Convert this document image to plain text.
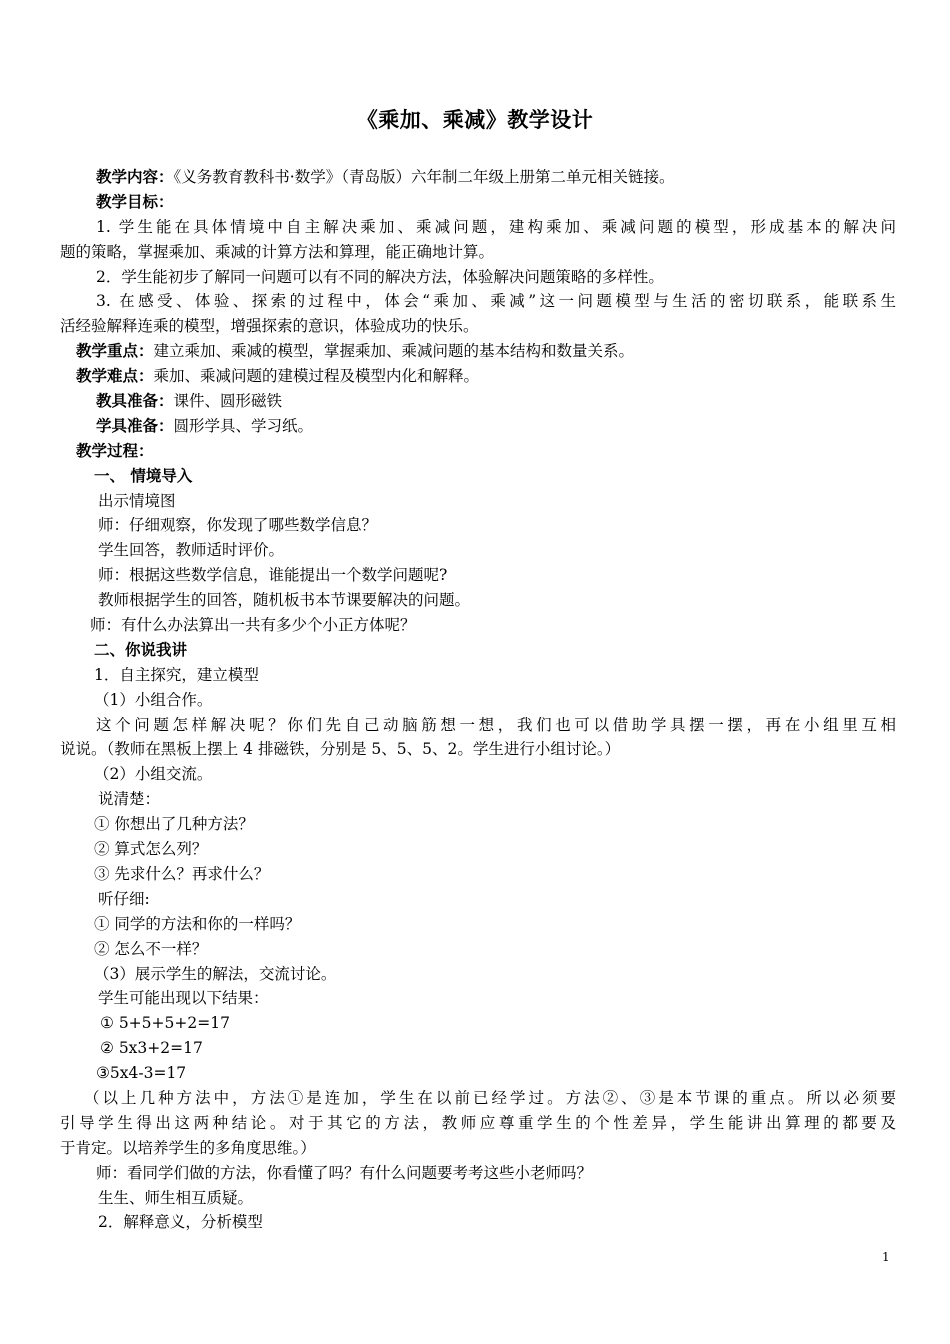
《乘加、乘减》教学设计
教学内容：《义务教育教科书·数学》（青岛版）六年制二年级上册第二单元相关链接。
教学目标：
1. 学生能在具体情境中自主解决乘加、乘减问题，建构乘加、乘减问题的模型，形成基本的解决问
题的策略，掌握乘加、乘减的计算方法和算理，能正确地计算。
2．学生能初步了解同一问题可以有不同的解决方法，体验解决问题策略的多样性。
3. 在感受、体验、探索的过程中，体会“乘加、乘减”这一问题模型与生活的密切联系，能联系生
活经验解释连乘的模型，增强探索的意识，体验成功的快乐。
教学重点：建立乘加、乘减的模型，掌握乘加、乘减问题的基本结构和数量关系。
教学难点：乘加、乘减问题的建模过程及模型内化和解释。
教具准备：课件、圆形磁铁
学具准备：圆形学具、学习纸。
教学过程：
一、 情境导入
出示情境图
师：仔细观察，你发现了哪些数学信息？
学生回答，教师适时评价。
师：根据这些数学信息，谁能提出一个数学问题呢?
教师根据学生的回答，随机板书本节课要解决的问题。
师：有什么办法算出一共有多少个小正方体呢？
二、你说我讲
1．自主探究，建立模型
（1）小组合作。
这个问题怎样解决呢？你们先自己动脑筋想一想，我们也可以借助学具摆一摆，再在小组里互相
说说。（教师在黑板上摆上 4 排磁铁，分别是 5、5、5、2。学生进行小组讨论。）
（2）小组交流。
说清楚：
① 你想出了几种方法？
② 算式怎么列？
③ 先求什么？再求什么？
听仔细:
① 同学的方法和你的一样吗？
② 怎么不一样？
（3）展示学生的解法，交流讨论。
学生可能出现以下结果：
① 5+5+5+2=17
② 5x3+2=17
③5x4-3=17
（以上几种方法中，方法①是连加，学生在以前已经学过。方法②、③是本节课的重点。所以必须要
引导学生得出这两种结论。对于其它的方法，教师应尊重学生的个性差异，学生能讲出算理的都要及
于肯定。以培养学生的多角度思维。）
师：看同学们做的方法，你看懂了吗？有什么问题要考考这些小老师吗？
生生、师生相互质疑。
2．解释意义，分析模型
1
